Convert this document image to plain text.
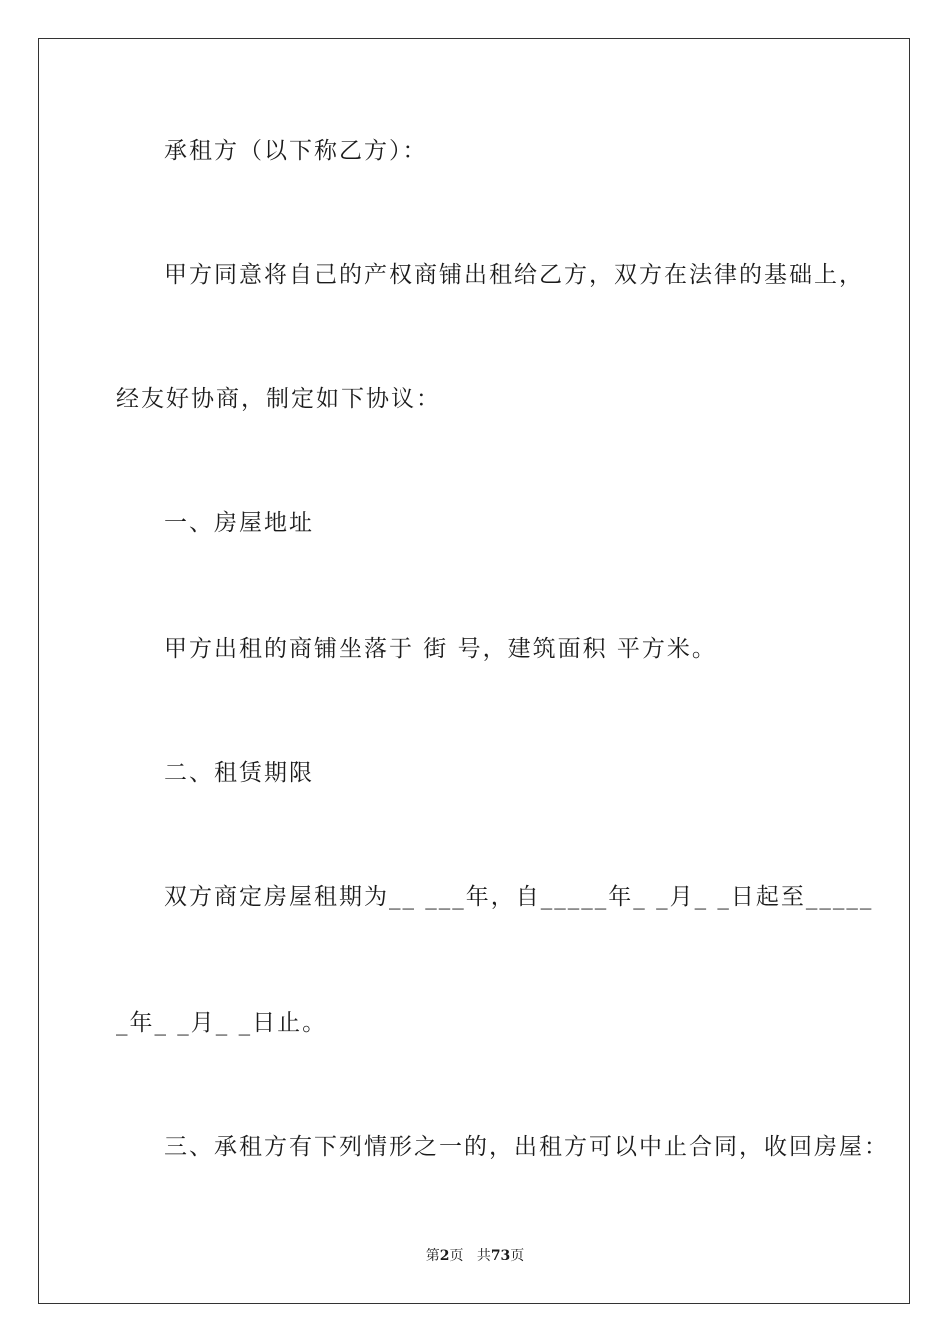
承租方（以下称乙方）：
甲方同意将自己的产权商铺出租给乙方，双方在法律的基础上，
经友好协商，制定如下协议：
一、房屋地址
甲方出租的商铺坐落于 街 号，建筑面积 平方米。
二、租赁期限
双方商定房屋租期为__ ___年，自_____年_ _月_ _日起至_____
_年_ _月_ _日止。
三、承租方有下列情形之一的，出租方可以中止合同，收回房屋：
第2页 共73页
